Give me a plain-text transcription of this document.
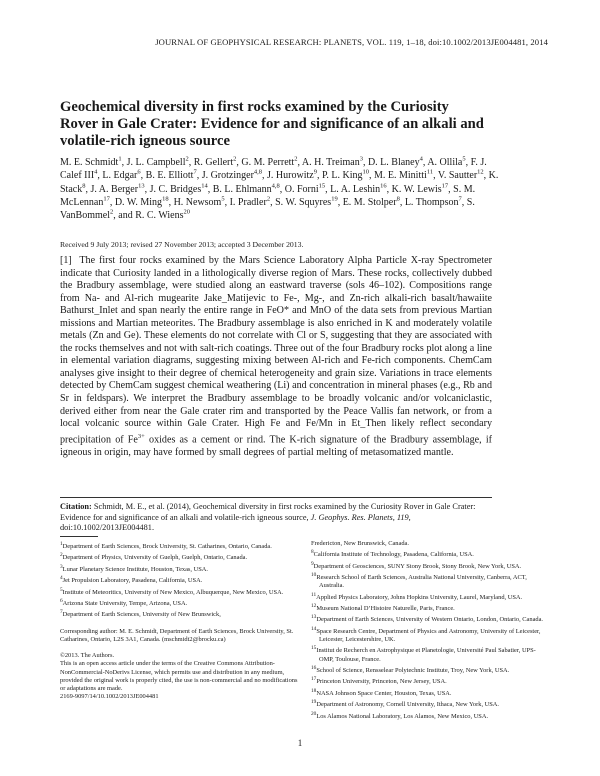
JOURNAL OF GEOPHYSICAL RESEARCH: PLANETS, VOL. 119, 1–18, doi:10.1002/2013JE004481, 2014
Geochemical diversity in first rocks examined by the Curiosity Rover in Gale Crater: Evidence for and significance of an alkali and volatile-rich igneous source
M. E. Schmidt$^1$, J. L. Campbell$^2$, R. Gellert$^2$, G. M. Perrett$^2$, A. H. Treiman$^3$, D. L. Blaney$^4$, A. Ollila$^5$, F. J. Calef III$^4$, L. Edgar$^6$, B. E. Elliott$^7$, J. Grotzinger$^{4,8}$, J. Hurowitz$^9$, P. L. King$^{10}$, M. E. Minitti$^{11}$, V. Sautter$^{12}$, K. Stack$^8$, J. A. Berger$^{13}$, J. C. Bridges$^{14}$, B. L. Ehlmann$^{4,8}$, O. Forni$^{15}$, L. A. Leshin$^{16}$, K. W. Lewis$^{17}$, S. M. McLennan$^{17}$, D. W. Ming$^{18}$, H. Newsom$^5$, I. Pradler$^2$, S. W. Squyres$^{19}$, E. M. Stolper$^8$, L. Thompson$^7$, S. VanBommel$^2$, and R. C. Wiens$^{20}$
Received 9 July 2013; revised 27 November 2013; accepted 3 December 2013.
[1] The first four rocks examined by the Mars Science Laboratory Alpha Particle X-ray Spectrometer indicate that Curiosity landed in a lithologically diverse region of Mars. These rocks, collectively dubbed the Bradbury assemblage, were studied along an eastward traverse (sols 46–102). Compositions range from Na- and Al-rich mugearite Jake_Matijevic to Fe-, Mg-, and Zn-rich alkali-rich basalt/hawaiite Bathurst_Inlet and span nearly the entire range in FeO* and MnO of the data sets from previous Martian missions and Martian meteorites. The Bradbury assemblage is also enriched in K and moderately volatile metals (Zn and Ge). These elements do not correlate with Cl or S, suggesting that they are associated with the rocks themselves and not with salt-rich coatings. Three out of the four Bradbury rocks plot along a line in elemental variation diagrams, suggesting mixing between Al-rich and Fe-rich components. ChemCam analyses give insight to their degree of chemical heterogeneity and grain size. Variations in trace elements detected by ChemCam suggest chemical weathering (Li) and concentration in mineral phases (e.g., Rb and Sr in feldspars). We interpret the Bradbury assemblage to be broadly volcanic and/or volcaniclastic, derived either from near the Gale crater rim and transported by the Peace Vallis fan network, or from a local volcanic source within Gale Crater. High Fe and Fe/Mn in Et_Then likely reflect secondary precipitation of $Fe^{3+}$ oxides as a cement or rind. The K-rich signature of the Bradbury assemblage, if igneous in origin, may have formed by small degrees of partial melting of metasomatized mantle.
Citation: Schmidt, M. E., et al. (2014), Geochemical diversity in first rocks examined by the Curiosity Rover in Gale Crater: Evidence for and significance of an alkali and volatile-rich igneous source, J. Geophys. Res. Planets, 119, doi:10.1002/2013JE004481.

$^1$Department of Earth Sciences, Brock University, St. Catharines, Ontario, Canada.

$^2$Department of Physics, University of Guelph, Guelph, Ontario, Canada.

$^3$Lunar Planetary Science Institute, Houston, Texas, USA.

$^4$Jet Propulsion Laboratory, Pasadena, California, USA.

$^5$Institute of Meteoritics, University of New Mexico, Albuquerque, New Mexico, USA.

$^6$Arizona State University, Tempe, Arizona, USA.

$^7$Department of Earth Sciences, University of New Brunswick,

Corresponding author: M. E. Schmidt, Department of Earth Sciences, Brock University, St. Catharines, Ontario, L2S 3A1, Canada. (mschmidt2@brocku.ca)

©2013. The Authors.

This is an open access article under the terms of the Creative Commons Attribution-NonCommercial-NoDerivs License, which permits use and distribution in any medium, provided the original work is properly cited, the use is non-commercial and no modifications or adaptations are made.

2169-9097/14/10.1002/2013JE004481

Fredericton, New Brunswick, Canada.

$^8$California Institute of Technology, Pasadena, California, USA.

$^9$Department of Geosciences, SUNY Stony Brook, Stony Brook, New York, USA.

$^{10}$Research School of Earth Sciences, Australia National University, Canberra, ACT, Australia.

$^{11}$Applied Physics Laboratory, Johns Hopkins University, Laurel, Maryland, USA.

$^{12}$Museum National D’Histoire Naturelle, Paris, France.

$^{13}$Department of Earth Sciences, University of Western Ontario, London, Ontario, Canada.

$^{14}$Space Research Centre, Department of Physics and Astronomy, University of Leicester, Leicester, Leicestershire, UK.

$^{15}$Institut de Recherch en Astrophysique et Planetologie, Université Paul Sabatier, UPS-OMP, Toulouse, France.

$^{16}$School of Science, Rensselear Polytechnic Institute, Troy, New York, USA.

$^{17}$Princeton University, Princeton, New Jersey, USA.

$^{18}$NASA Johnson Space Center, Houston, Texas, USA.

$^{19}$Department of Astronomy, Cornell University, Ithaca, New York, USA.

$^{20}$Los Alamos National Laboratory, Los Alamos, New Mexico, USA.

1
